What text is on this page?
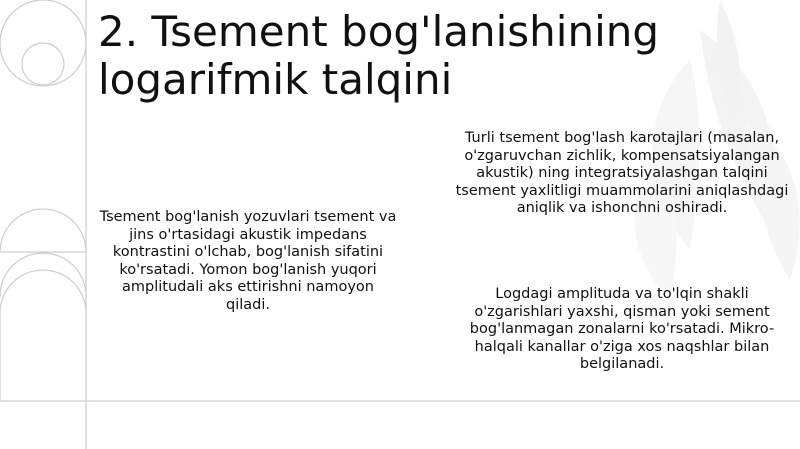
2. Tsement bog'lanishining
logarifmik talqini
Tsement bog'lanish yozuvlari tsement va jins o'rtasidagi akustik impedans kontrastini o'lchab, bog'lanish sifatini ko'rsatadi. Yomon bog'lanish yuqori amplitudali aks ettirishni namoyon qiladi.
Turli tsement bog'lash karotajlari (masalan, o'zgaruvchan zichlik, kompensatsiyalangan akustik) ning integratsiyalashgan talqini tsement yaxlitligi muammolarini aniqlashdagi aniqlik va ishonchni oshiradi.
Logdagi amplituda va to'lqin shakli o'zgarishlari yaxshi, qisman yoki sement bog'lanmagan zonalarni ko'rsatadi. Mikro-halqali kanallar o'ziga xos naqshlar bilan belgilanadi.
